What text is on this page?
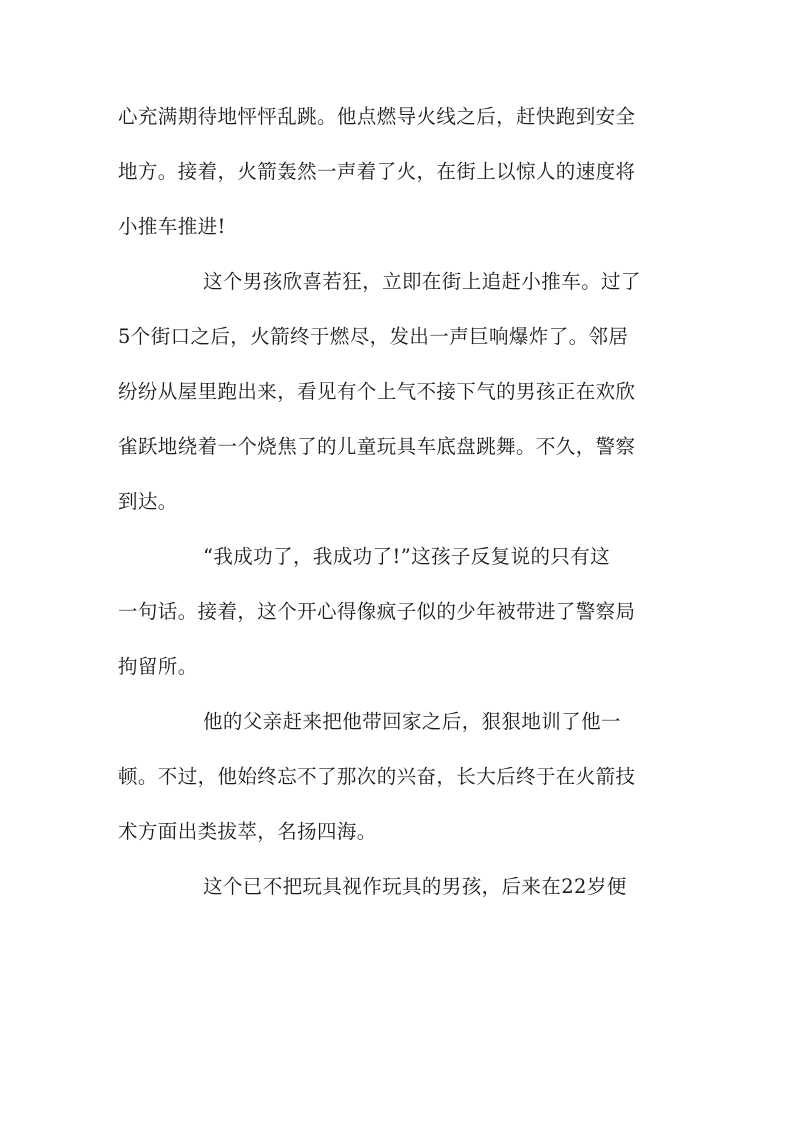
心充满期待地怦怦乱跳。他点燃导火线之后，赶快跑到安全
地方。接着，火箭轰然一声着了火，在街上以惊人的速度将
小推车推进!
这个男孩欣喜若狂，立即在街上追赶小推车。过了
5个街口之后，火箭终于燃尽，发出一声巨响爆炸了。邻居
纷纷从屋里跑出来，看见有个上气不接下气的男孩正在欢欣
雀跃地绕着一个烧焦了的儿童玩具车底盘跳舞。不久，警察
到达。
“我成功了，我成功了!”这孩子反复说的只有这
一句话。接着，这个开心得像疯子似的少年被带进了警察局
拘留所。
他的父亲赶来把他带回家之后，狠狠地训了他一
顿。不过，他始终忘不了那次的兴奋，长大后终于在火箭技
术方面出类拔萃，名扬四海。
这个已不把玩具视作玩具的男孩，后来在22岁便
